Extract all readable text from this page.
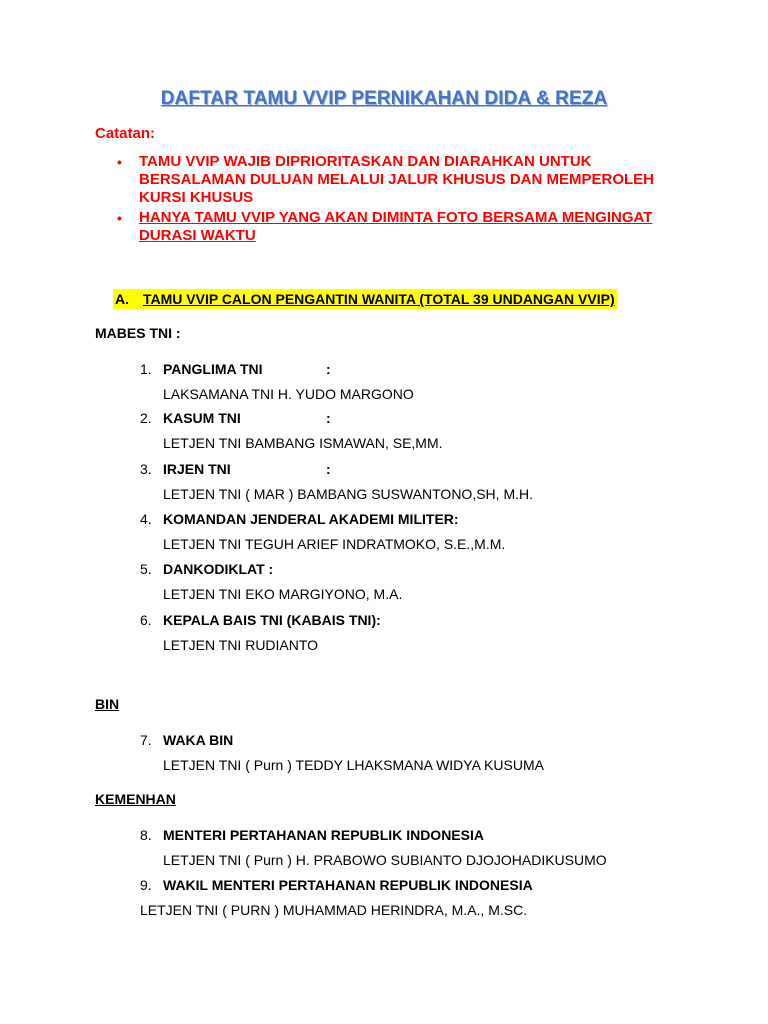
DAFTAR TAMU VVIP PERNIKAHAN DIDA & REZA
Catatan:
• TAMU VVIP WAJIB DIPRIORITASKAN DAN DIARAHKAN UNTUK BERSALAMAN DULUAN MELALUI JALUR KHUSUS DAN MEMPEROLEH KURSI KHUSUS
• HANYA TAMU VVIP YANG AKAN DIMINTA FOTO BERSAMA MENGINGAT DURASI WAKTU
A. TAMU VVIP CALON PENGANTIN WANITA (TOTAL 39 UNDANGAN VVIP)
MABES TNI :
1. PANGLIMA TNI	:
LAKSAMANA TNI H. YUDO MARGONO
2. KASUM TNI	:
LETJEN TNI BAMBANG ISMAWAN, SE,MM.
3. IRJEN TNI	:
LETJEN TNI ( MAR ) BAMBANG SUSWANTONO,SH, M.H.
4. KOMANDAN JENDERAL AKADEMI MILITER:
LETJEN TNI TEGUH ARIEF INDRATMOKO, S.E.,M.M.
5. DANKODIKLAT :
LETJEN TNI EKO MARGIYONO, M.A.
6. KEPALA BAIS TNI (KABAIS TNI):
LETJEN TNI RUDIANTO
BIN
7. WAKA BIN
LETJEN TNI ( Purn ) TEDDY LHAKSMANA WIDYA KUSUMA
KEMENHAN
8. MENTERI PERTAHANAN REPUBLIK INDONESIA
LETJEN TNI ( Purn ) H. PRABOWO SUBIANTO DJOJOHADIKUSUMO
9. WAKIL MENTERI PERTAHANAN REPUBLIK INDONESIA
LETJEN TNI ( PURN ) MUHAMMAD HERINDRA, M.A., M.SC.
